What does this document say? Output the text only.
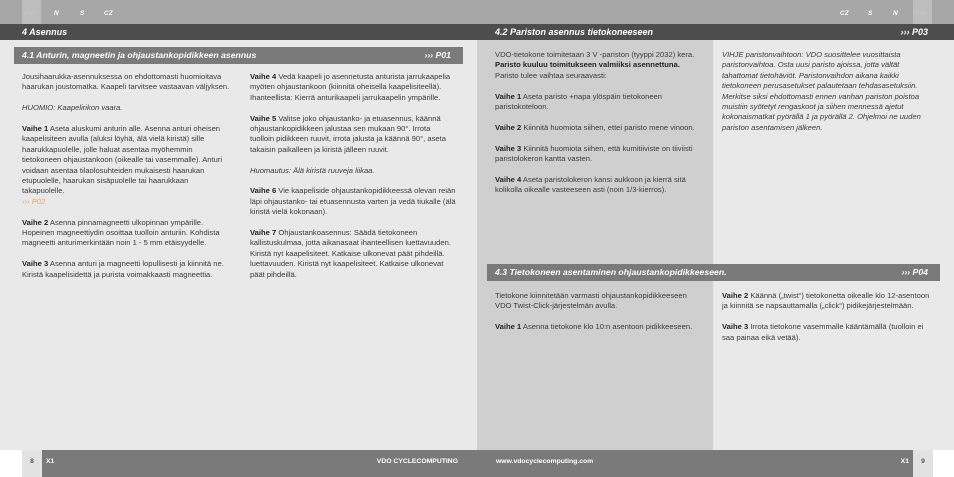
FIN	N	S	CZ	CZ	S	N	FIN
4 Asennus	4.2 Pariston asennus tietokoneeseen	››› P03
4.1 Anturin, magneetin ja ohjaustankopidikkeen asennus	››› P01

Jousihaarukka-asennuksessa on ehdottomasti huomioitava haarukan joustomatka. Kaapeli tarvitsee vastaavan väljyksen.

HUOMIO: Kaapelirikon vaara.

Vaihe 1 Aseta aluskumi anturin alle. Asenna anturi oheisen kaapelisiteen avulla (aluksi löyhä, älä vielä kiristä) sille haarukkapuolelle, jolle haluat asentaa myöhemmin tietokoneen ohjaustankoon (oikealle tai vasemmalle). Anturi voidaan asentaa tilaolosuhteiden mukaisesti haarukan etupuolelle, haarukan sisäpuolelle tai haarukkaan takapuolelle.
››› P02

Vaihe 2 Asenna pinnamagneetti ulkopinnan ympärille. Hopeinen magneettiydin osoittaa tuolloin anturiin. Kohdista magneetti anturimerkintään noin 1 - 5 mm etäisyydelle.

Vaihe 3 Asenna anturi ja magneetti lopullisesti ja kiinnitä ne. Kiristä kaapelisidettä ja purista voimakkaasti magneettia.

Vaihe 4 Vedä kaapeli jo asennetusta anturista jarrukaapelia myöten ohjaustankoon (kiinnitä oheisella kaapelisiteellä). Ihanteellista: Kierrä anturikaapeli jarrukaapelin ympärille.

Vaihe 5 Valitse joko ohjaustanko- ja etuasennus, käännä ohjaustankopidikkeen jalustaa sen mukaan 90°. Irrota tuolloin pidikkeen ruuvit, irrota jalusta ja käännä 90°, aseta takaisin paikalleen ja kiristä jälleen ruuvit.

Huomautus: Älä kiristä ruuveja liikaa.

Vaihe 6 Vie kaapeliside ohjaustankopidikkeessä olevan reiän läpi ohjaustanko- tai etuasennusta varten ja vedä tiukalle (älä kiristä vielä kokonaan).

Vaihe 7 Ohjaustankoasennus: Säädä tietokoneen kallistuskulmaa, jotta aikanasaat ihanteellisen luettavuuden. Kiristä nyt kaapelisiteet. Katkaise ulkonevat päät pihdeillä. luettavuuden. Kiristä nyt kaapelisiteet. Katkaise ulkonevat päät pihdeillä.

VDO-tietokone toimitetaan 3 V -pariston (tyyppi 2032) kera. Paristo kuuluu toimitukseen valmiiksi asennettuna. Paristo tulee vaihtaa seuraavasti:

Vaihe 1 Aseta paristo +napa ylöspäin tietokoneen paristokoteloon.

Vaihe 2 Kiinnitä huomiota siihen, ettei paristo mene vinoon.

Vaihe 3 Kiinnitä huomiota siihen, että kumitiiviste on tiiviisti paristolokeron kantta vasten.

Vaihe 4 Aseta paristolokeron kansi aukkoon ja kierrä sitä kolikolla oikealle vasteeseen asti (noin 1/3-kierros).

VIHJE paristonvaihtoon: VDO suosittelee vuosittaista paristonvaihtoa. Osta uusi paristo ajoissa, jotta vältät tahattomat tietohäviöt. Paristonvaihdon aikana kaikki tietokoneen perusasetukset palautetaan tehdasasetuksiin. Merkitse siksi ehdottomasti ennen vanhan pariston poistoa muistiin syötetyt rengaskoot ja siihen mennessä ajetut kokonaismatkat pyörällä 1 ja pyörällä 2. Ohjelmoi ne uuden pariston asentamisen jälkeen.
4.3 Tietokoneen asentaminen ohjaustankopidikkeeseen.	››› P04

Tietokone kiinnitetään varmasti ohjaustankopidikkeeseen VDO Twist-Click-järjestelmän avulla.

Vaihe 1 Asenna tietokone klo 10:n asentoon pidikkeeseen.

Vaihe 2 Käännä („twist“) tietokonetta oikealle klo 12-asentoon ja kiinnitä se napsauttamalla („click“) pidikejärjestelmään.

Vaihe 3 Irrota tietokone vasemmalle kääntämällä (tuolloin ei saa painaa eikä vetää).

8	X1	VDO CYCLECOMPUTING	www.vdocyclecomputing.com	X1	9
